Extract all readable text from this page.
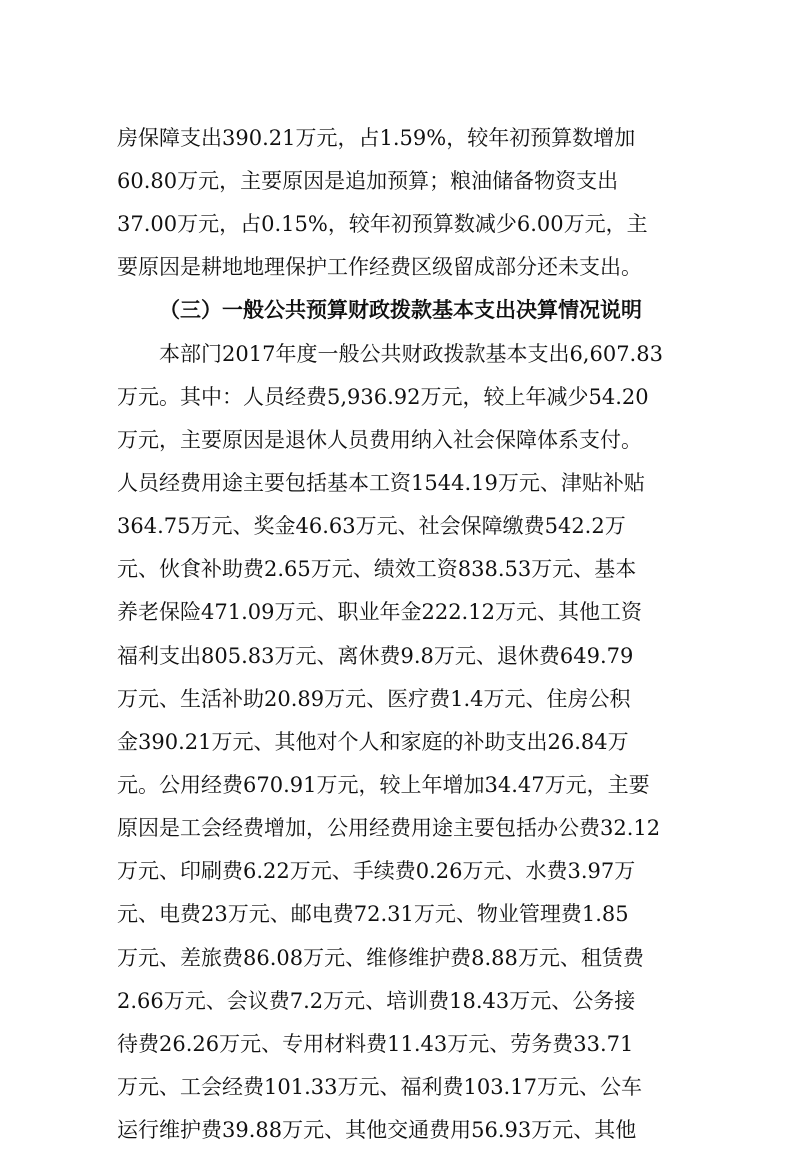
房保障支出390.21万元，占1.59%，较年初预算数增加
60.80万元，主要原因是追加预算；粮油储备物资支出
37.00万元，占0.15%，较年初预算数减少6.00万元，主
要原因是耕地地理保护工作经费区级留成部分还未支出。
（三）一般公共预算财政拨款基本支出决算情况说明
本部门2017年度一般公共财政拨款基本支出6,607.83
万元。其中：人员经费5,936.92万元，较上年减少54.20
万元，主要原因是退休人员费用纳入社会保障体系支付。
人员经费用途主要包括基本工资1544.19万元、津贴补贴
364.75万元、奖金46.63万元、社会保障缴费542.2万
元、伙食补助费2.65万元、绩效工资838.53万元、基本
养老保险471.09万元、职业年金222.12万元、其他工资
福利支出805.83万元、离休费9.8万元、退休费649.79
万元、生活补助20.89万元、医疗费1.4万元、住房公积
金390.21万元、其他对个人和家庭的补助支出26.84万
元。公用经费670.91万元，较上年增加34.47万元，主要
原因是工会经费增加，公用经费用途主要包括办公费32.12
万元、印刷费6.22万元、手续费0.26万元、水费3.97万
元、电费23万元、邮电费72.31万元、物业管理费1.85
万元、差旅费86.08万元、维修维护费8.88万元、租赁费
2.66万元、会议费7.2万元、培训费18.43万元、公务接
待费26.26万元、专用材料费11.43万元、劳务费33.71
万元、工会经费101.33万元、福利费103.17万元、公车
运行维护费39.88万元、其他交通费用56.93万元、其他
